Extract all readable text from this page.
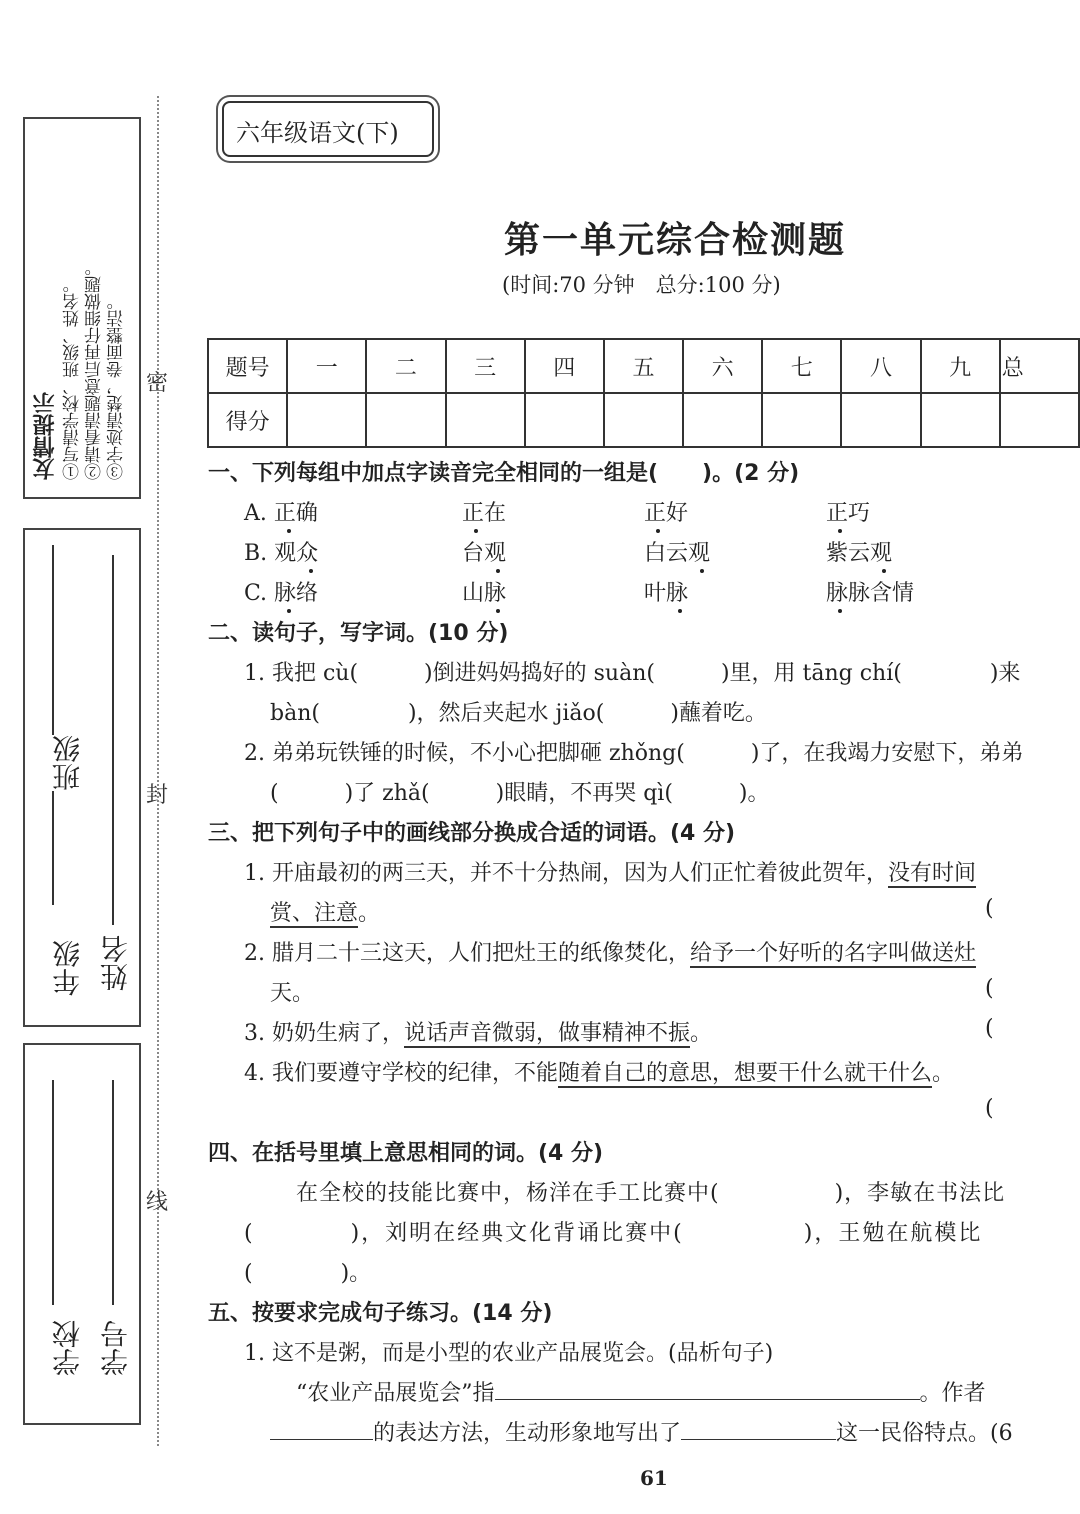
友情提示 ①写清学校、班级、姓名。 ②请看清题意后再仔细做题。 ③字迹清楚，卷面整洁。
班级
年级 姓名
学校 学号
密
封
线
六年级语文(下)
第一单元综合检测题
(时间:70 分钟　总分:100 分)
题号	一	二	三	四	五	六	七	八	九	总
得分										
一、下列每组中加点字读音完全相同的一组是(　　)。(2 分)
A. 正确	正在	正好	正巧
B. 观众	台观	白云观	紫云观
C. 脉络	山脉	叶脉	脉脉含情
二、读句子，写字词。(10 分)
1. 我把 cù(　　　)倒进妈妈捣好的 suàn(　　　)里，用 tāng chí(　　　　)来
bàn(　　　　)，然后夹起水 jiǎo(　　　)蘸着吃。
2. 弟弟玩铁锤的时候，不小心把脚砸 zhǒng(　　　)了，在我竭力安慰下，弟弟
(　　　)了 zhǎ(　　　)眼睛，不再哭 qì(　　　)。
三、把下列句子中的画线部分换成合适的词语。(4 分)
1. 开庙最初的两三天，并不十分热闹，因为人们正忙着彼此贺年，没有时间
赏、注意。	(
2. 腊月二十三这天，人们把灶王的纸像焚化，给予一个好听的名字叫做送灶
天。	(
3. 奶奶生病了，说话声音微弱，做事精神不振。	(
4. 我们要遵守学校的纪律，不能随着自己的意思，想要干什么就干什么。
(
四、在括号里填上意思相同的词。(4 分)
在全校的技能比赛中，杨洋在手工比赛中(　　　　　)，李敏在书法比
(　　　　)，刘明在经典文化背诵比赛中(　　　　　)，王勉在航模比
(　　　　)。
五、按要求完成句子练习。(14 分)
1. 这不是粥，而是小型的农业产品展览会。(品析句子)
“农业产品展览会”指	。作者
的表达方法，生动形象地写出了	这一民俗特点。(6
61
